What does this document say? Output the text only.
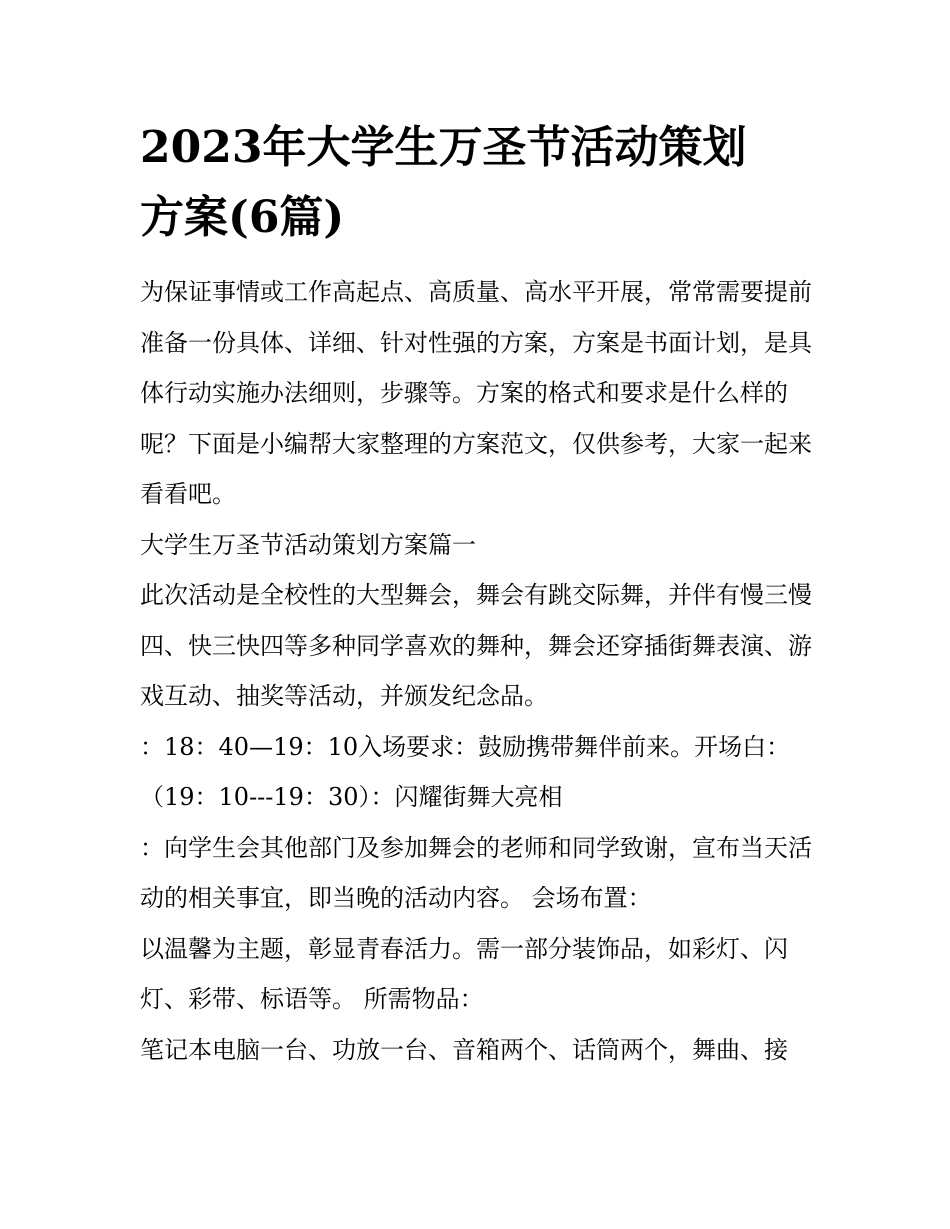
2023年大学生万圣节活动策划
方案(6篇)

为保证事情或工作高起点、高质量、高水平开展，常常需要提前准备一份具体、详细、针对性强的方案，方案是书面计划，是具体行动实施办法细则，步骤等。方案的格式和要求是什么样的呢？下面是小编帮大家整理的方案范文，仅供参考，大家一起来看看吧。

大学生万圣节活动策划方案篇一

此次活动是全校性的大型舞会，舞会有跳交际舞，并伴有慢三慢四、快三快四等多种同学喜欢的舞种，舞会还穿插街舞表演、游戏互动、抽奖等活动，并颁发纪念品。

：18：40—19：10入场要求：鼓励携带舞伴前来。开场白：

（19：10---19：30）：闪耀街舞大亮相

：向学生会其他部门及参加舞会的老师和同学致谢，宣布当天活动的相关事宜，即当晚的活动内容。 会场布置：

以温馨为主题，彰显青春活力。需一部分装饰品，如彩灯、闪灯、彩带、标语等。 所需物品：

笔记本电脑一台、功放一台、音箱两个、话筒两个，舞曲、接
